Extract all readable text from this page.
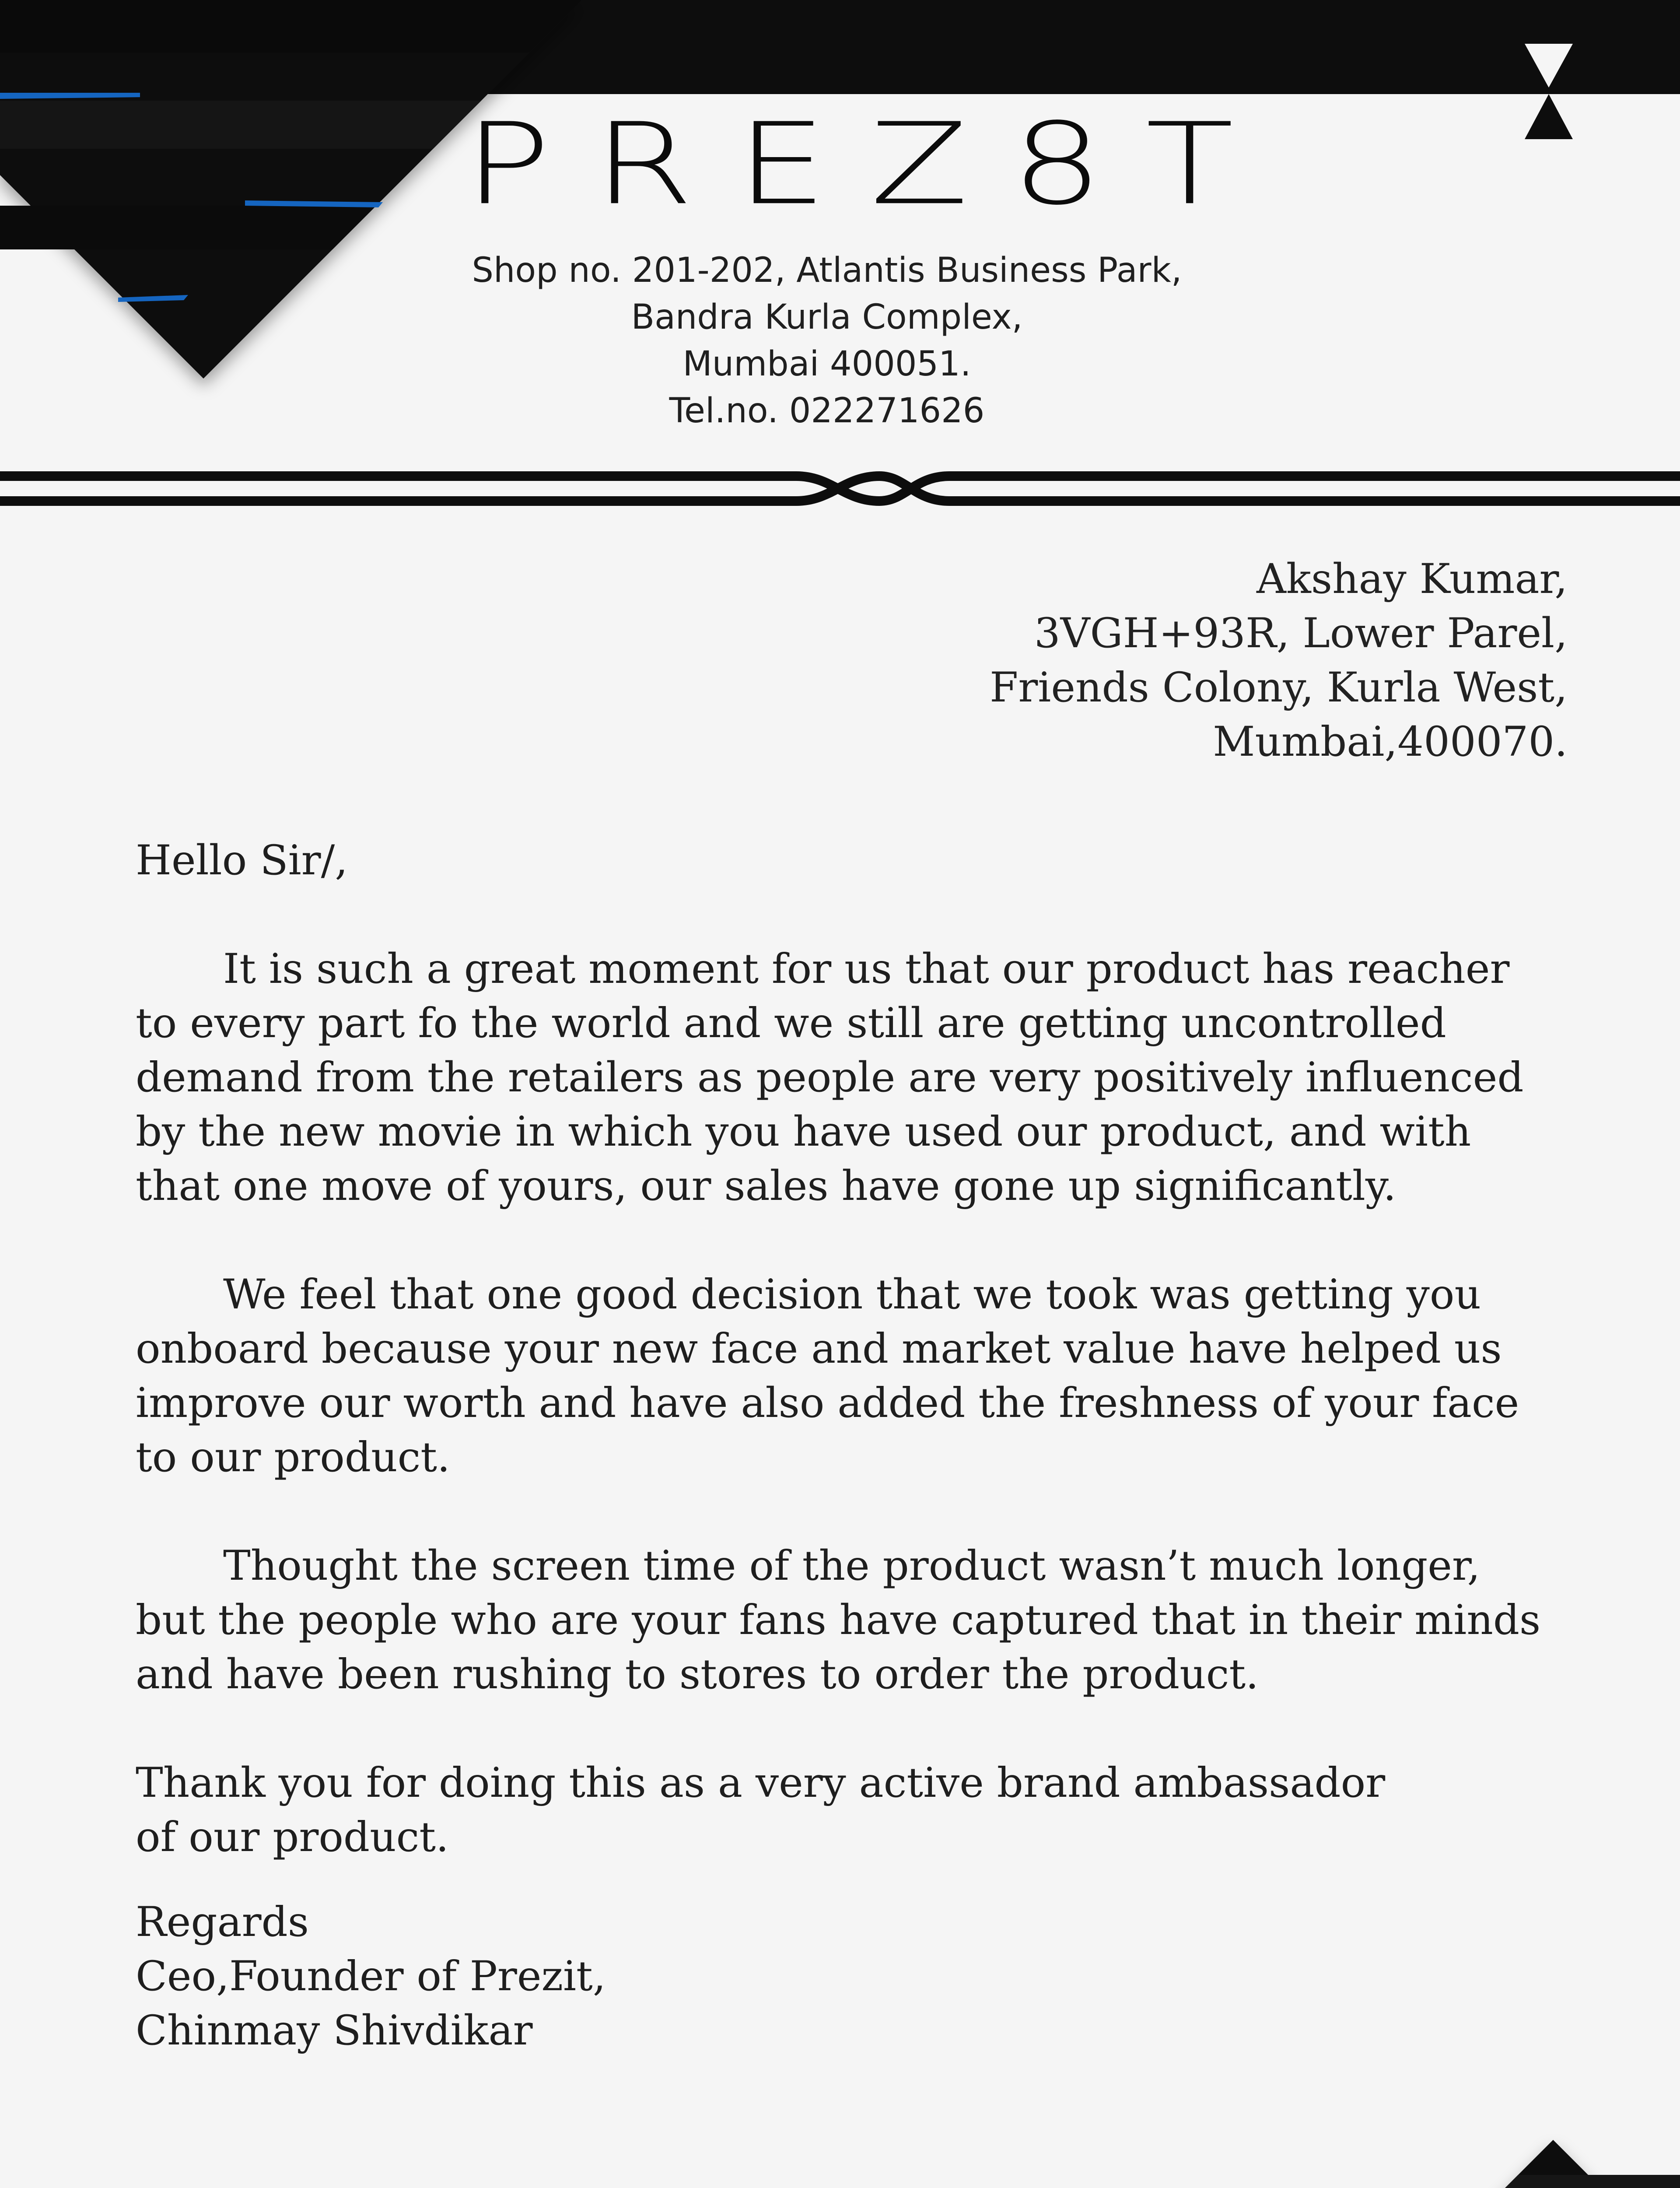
P R E Z 8 T
Shop no. 201-202, Atlantis Business Park,
Bandra Kurla Complex,
Mumbai 400051.
Tel.no. 022271626
Akshay Kumar,
3VGH+93R, Lower Parel,
Friends Colony, Kurla West,
Mumbai,400070.
Hello Sir/,
It is such a great moment for us that our product has reacher
to every part fo the world and we still are getting uncontrolled
demand from the retailers as people are very positively influenced
by the new movie in which you have used our product, and with
that one move of yours, our sales have gone up significantly.
We feel that one good decision that we took was getting you
onboard because your new face and market value have helped us
improve our worth and have also added the freshness of your face
to our product.
Thought the screen time of the product wasn’t much longer,
but the people who are your fans have captured that in their minds
and have been rushing to stores to order the product.
Thank you for doing this as a very active brand ambassador
of our product.
Regards
Ceo,Founder of Prezit,
Chinmay Shivdikar
